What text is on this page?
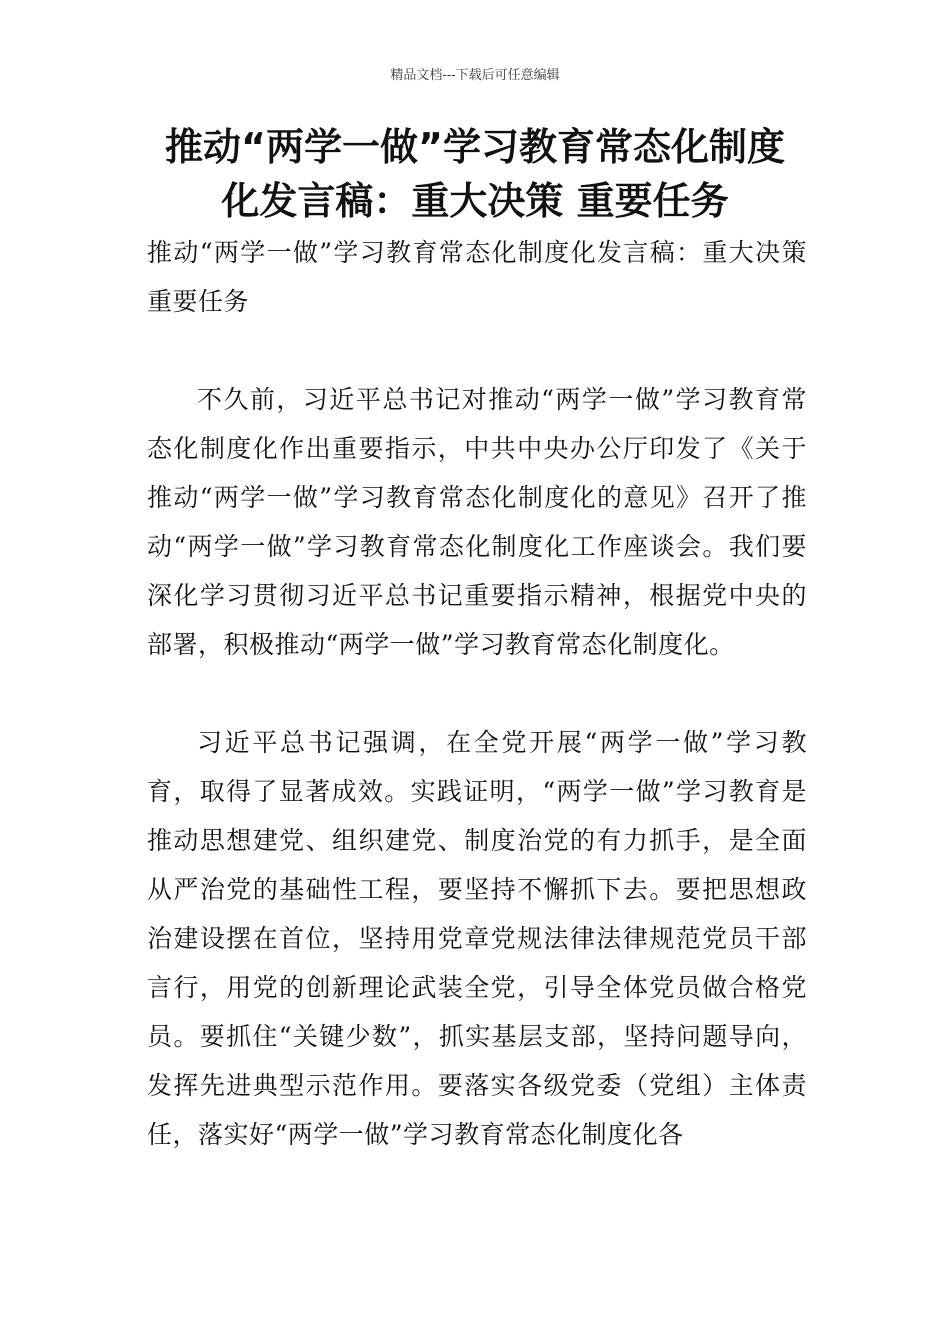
精品文档---下载后可任意编辑
推动“两学一做”学习教育常态化制度
化发言稿：重大决策 重要任务

推动“两学一做”学习教育常态化制度化发言稿：重大决策 重要任务

不久前，习近平总书记对推动“两学一做”学习教育常态化制度化作出重要指示，中共中央办公厅印发了《关于推动“两学一做”学习教育常态化制度化的意见》召开了推动“两学一做”学习教育常态化制度化工作座谈会。我们要深化学习贯彻习近平总书记重要指示精神，根据党中央的部署，积极推动“两学一做”学习教育常态化制度化。

习近平总书记强调，在全党开展“两学一做”学习教育，取得了显著成效。实践证明，“两学一做”学习教育是推动思想建党、组织建党、制度治党的有力抓手，是全面从严治党的基础性工程，要坚持不懈抓下去。要把思想政治建设摆在首位，坚持用党章党规法律法律规范党员干部言行，用党的创新理论武装全党，引导全体党员做合格党员。要抓住“关键少数”，抓实基层支部，坚持问题导向，发挥先进典型示范作用。要落实各级党委（党组）主体责任，落实好“两学一做”学习教育常态化制度化各
